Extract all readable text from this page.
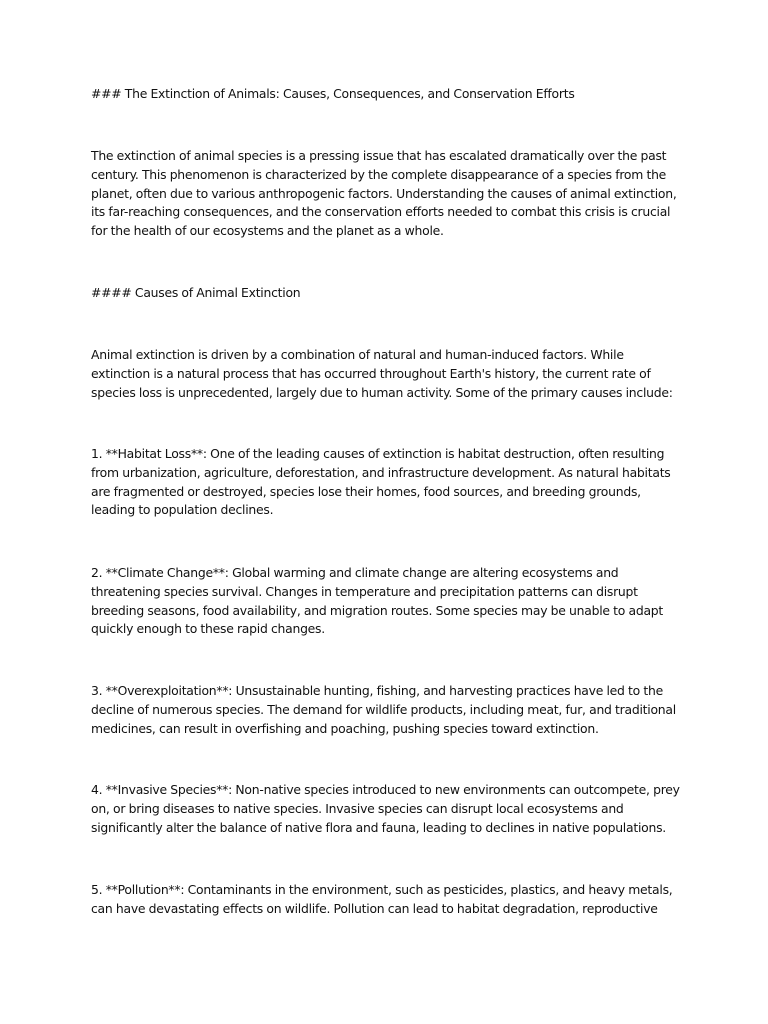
### The Extinction of Animals: Causes, Consequences, and Conservation Efforts

The extinction of animal species is a pressing issue that has escalated dramatically over the past century. This phenomenon is characterized by the complete disappearance of a species from the planet, often due to various anthropogenic factors. Understanding the causes of animal extinction, its far-reaching consequences, and the conservation efforts needed to combat this crisis is crucial for the health of our ecosystems and the planet as a whole.

#### Causes of Animal Extinction

Animal extinction is driven by a combination of natural and human-induced factors. While extinction is a natural process that has occurred throughout Earth's history, the current rate of species loss is unprecedented, largely due to human activity. Some of the primary causes include:

1. **Habitat Loss**: One of the leading causes of extinction is habitat destruction, often resulting from urbanization, agriculture, deforestation, and infrastructure development. As natural habitats are fragmented or destroyed, species lose their homes, food sources, and breeding grounds, leading to population declines.

2. **Climate Change**: Global warming and climate change are altering ecosystems and threatening species survival. Changes in temperature and precipitation patterns can disrupt breeding seasons, food availability, and migration routes. Some species may be unable to adapt quickly enough to these rapid changes.

3. **Overexploitation**: Unsustainable hunting, fishing, and harvesting practices have led to the decline of numerous species. The demand for wildlife products, including meat, fur, and traditional medicines, can result in overfishing and poaching, pushing species toward extinction.

4. **Invasive Species**: Non-native species introduced to new environments can outcompete, prey on, or bring diseases to native species. Invasive species can disrupt local ecosystems and significantly alter the balance of native flora and fauna, leading to declines in native populations.

5. **Pollution**: Contaminants in the environment, such as pesticides, plastics, and heavy metals, can have devastating effects on wildlife. Pollution can lead to habitat degradation, reproductive
